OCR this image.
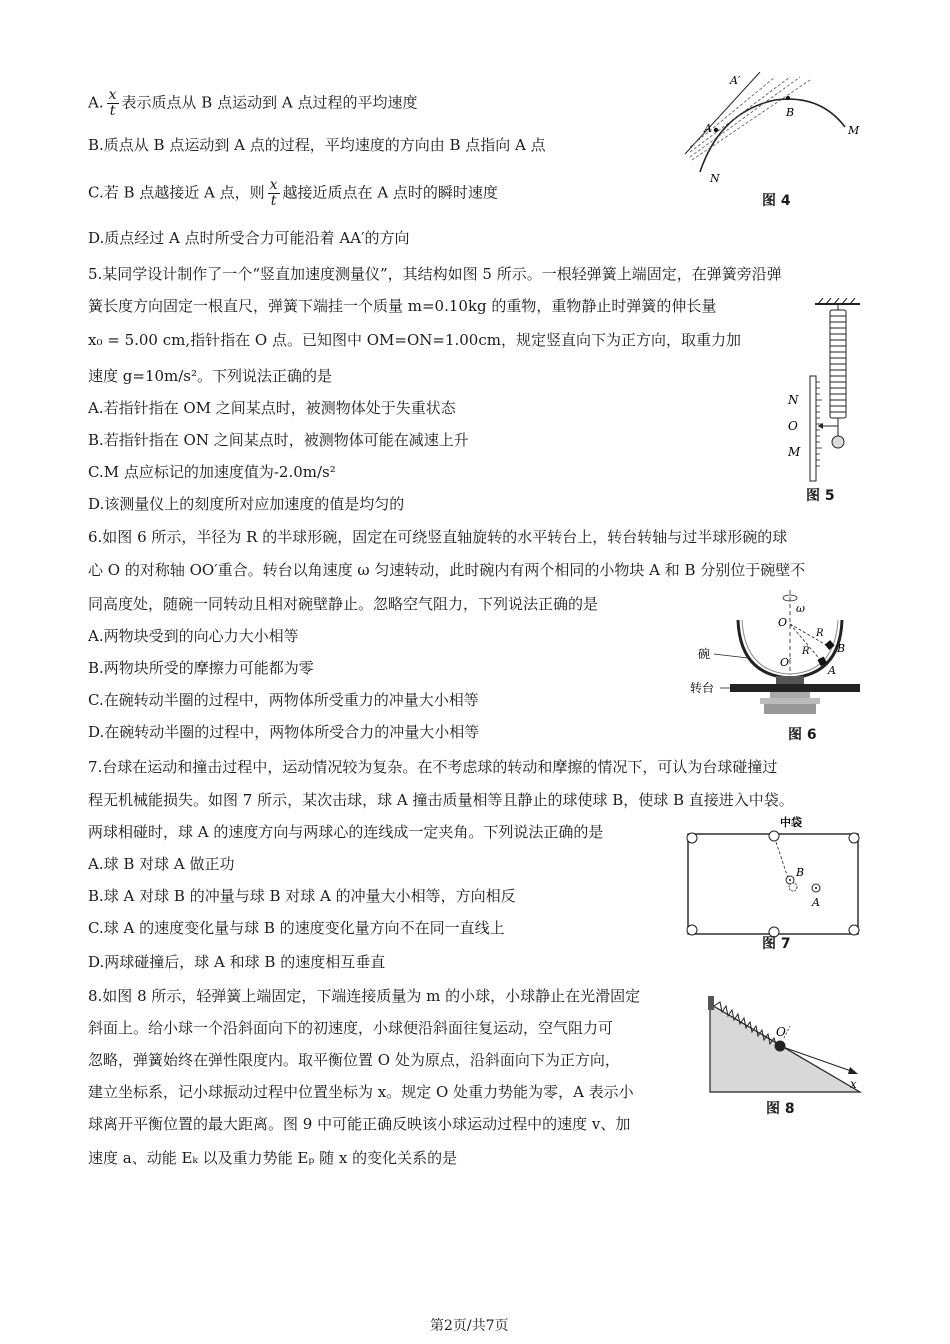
A. $\frac{x}{t}$ 表示质点从 B 点运动到 A 点过程的平均速度
B.质点从 B 点运动到 A 点的过程，平均速度的方向由 B 点指向 A 点
C.若 B 点越接近 A 点，则 $\frac{x}{t}$ 越接近质点在 A 点时的瞬时速度
D.质点经过 A 点时所受合力可能沿着 AA′的方向
A′
A
B
M
N
图 4
5.某同学设计制作了一个“竖直加速度测量仪”，其结构如图 5 所示。一根轻弹簧上端固定，在弹簧旁沿弹
簧长度方向固定一根直尺，弹簧下端挂一个质量 m=0.10kg 的重物，重物静止时弹簧的伸长量
x₀ = 5.00 cm,指针指在 O 点。已知图中 OM=ON=1.00cm，规定竖直向下为正方向，取重力加
速度 g=10m/s²。下列说法正确的是
A.若指针指在 OM 之间某点时，被测物体处于失重状态
B.若指针指在 ON 之间某点时，被测物体可能在减速上升
C.M 点应标记的加速度值为-2.0m/s²
D.该测量仪上的刻度所对应加速度的值是均匀的
N
O
M
图 5
6.如图 6 所示，半径为 R 的半球形碗，固定在可绕竖直轴旋转的水平转台上，转台转轴与过半球形碗的球
心 O 的对称轴 OO′重合。转台以角速度 ω 匀速转动，此时碗内有两个相同的小物块 A 和 B 分别位于碗壁不
同高度处，随碗一同转动且相对碗壁静止。忽略空气阻力，下列说法正确的是
A.两物块受到的向心力大小相等
B.两物块所受的摩擦力可能都为零
C.在碗转动半圈的过程中，两物体所受重力的冲量大小相等
D.在碗转动半圈的过程中，两物体所受合力的冲量大小相等
ω
O
O′
R
R B
A
碗
转台
图 6
7.台球在运动和撞击过程中，运动情况较为复杂。在不考虑球的转动和摩擦的情况下，可认为台球碰撞过
程无机械能损失。如图 7 所示，某次击球，球 A 撞击质量相等且静止的球使球 B，使球 B 直接进入中袋。
两球相碰时，球 A 的速度方向与两球心的连线成一定夹角。下列说法正确的是
A.球 B 对球 A 做正功
B.球 A 对球 B 的冲量与球 B 对球 A 的冲量大小相等，方向相反
C.球 A 的速度变化量与球 B 的速度变化量方向不在同一直线上
D.两球碰撞后，球 A 和球 B 的速度相互垂直
中袋
B
A
图 7
8.如图 8 所示，轻弹簧上端固定，下端连接质量为 m 的小球，小球静止在光滑固定
斜面上。给小球一个沿斜面向下的初速度，小球便沿斜面往复运动，空气阻力可
忽略，弹簧始终在弹性限度内。取平衡位置 O 处为原点，沿斜面向下为正方向，
建立坐标系，记小球振动过程中位置坐标为 x。规定 O 处重力势能为零，A 表示小
球离开平衡位置的最大距离。图 9 中可能正确反映该小球运动过程中的速度 v、加
速度 a、动能 Eₖ 以及重力势能 Eₚ 随 x 的变化关系的是
O
x
图 8
第2页/共7页
